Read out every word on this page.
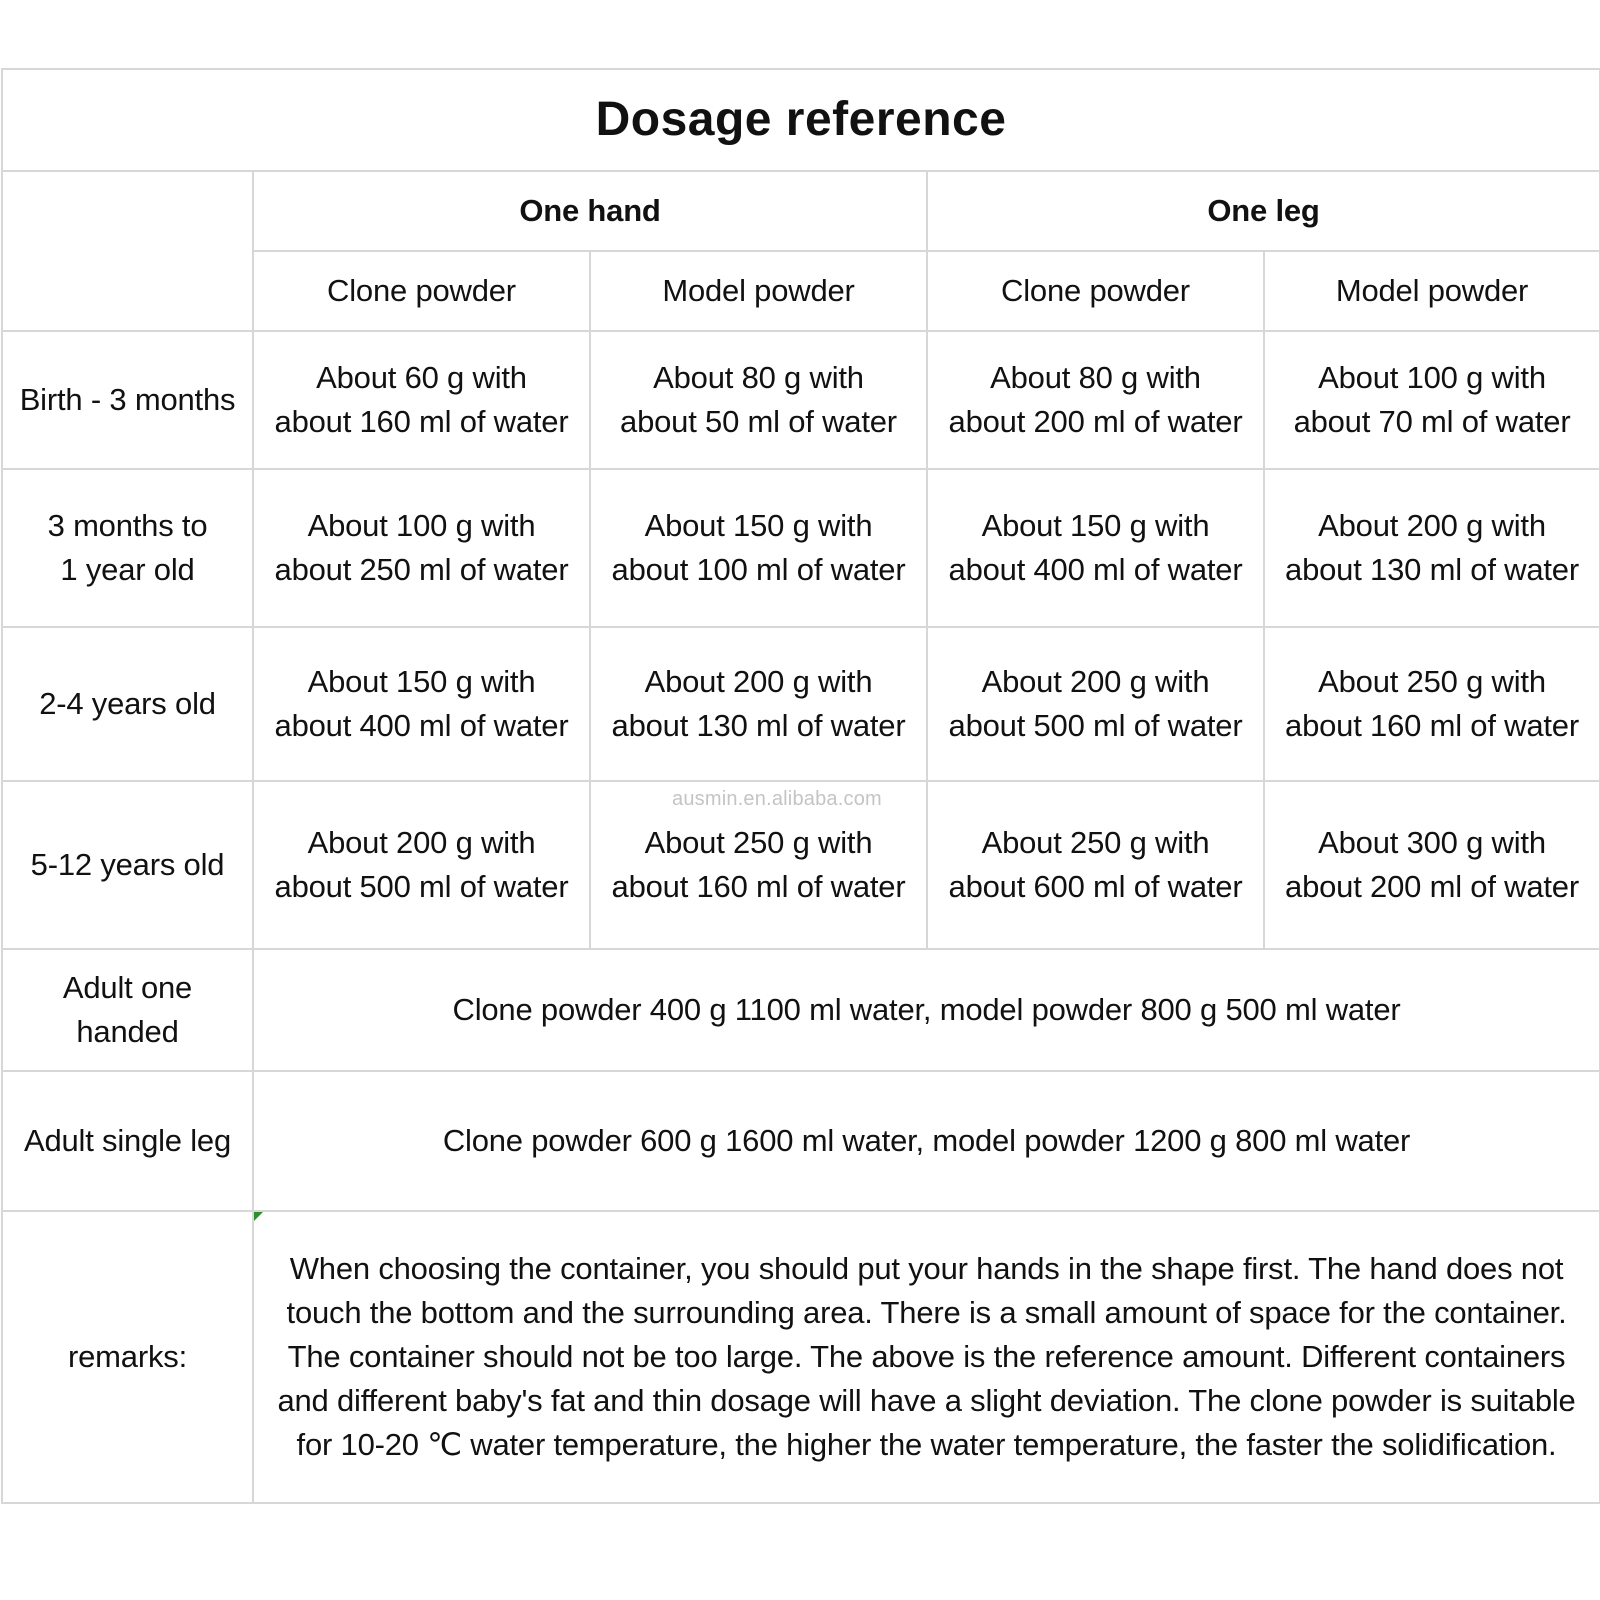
Dosage reference				
	One hand		One leg	
	Clone powder	Model powder	Clone powder	Model powder

Birth - 3 months	About 60 g with
about 160 ml of water	About 80 g with
about 50 ml of water	About 80 g with
about 200 ml of water	About 100 g with
about 70 ml of water

3 months to
1 year old	About 100 g with
about 250 ml of water	About 150 g with
about 100 ml of water	About 150 g with
about 400 ml of water	About 200 g with
about 130 ml of water

2-4 years old	About 150 g with
about 400 ml of water	About 200 g with
about 130 ml of water	About 200 g with
about 500 ml of water	About 250 g with
about 160 ml of water

5-12 years old	About 200 g with
about 500 ml of water	About 250 g with
about 160 ml of water	About 250 g with
about 600 ml of water	About 300 g with
about 200 ml of water

Adult one handed	Clone powder 400 g 1100 ml water, model powder 800 g 500 ml water			
Adult single leg	Clone powder 600 g 1600 ml water, model powder 1200 g 800 ml water			
remarks:	When choosing the container, you should put your hands in the shape first. The hand does not
touch the bottom and the surrounding area. There is a small amount of space for the container.
The container should not be too large. The above is the reference amount. Different containers
and different baby's fat and thin dosage will have a slight deviation. The clone powder is suitable
for 10-20 ℃ water temperature, the higher the water temperature, the faster the solidification.			
ausmin.en.alibaba.com
